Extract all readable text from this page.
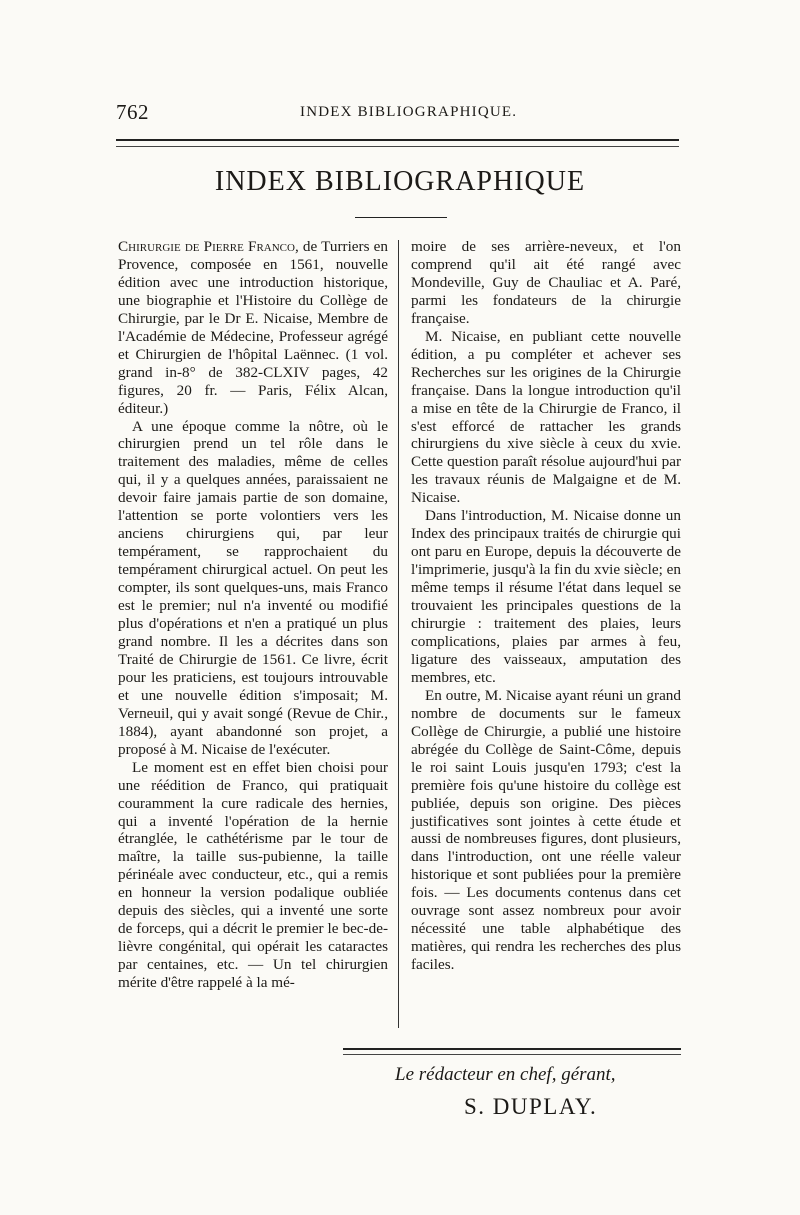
762	INDEX BIBLIOGRAPHIQUE.
INDEX BIBLIOGRAPHIQUE

Chirurgie de Pierre Franco, de Turriers en Provence, composée en 1561, nouvelle édition avec une introduction historique, une biographie et l'Histoire du Collège de Chirurgie, par le Dr E. Nicaise, Membre de l'Académie de Médecine, Professeur agrégé et Chirurgien de l'hôpital Laënnec. (1 vol. grand in-8° de 382-CLXIV pages, 42 figures, 20 fr. — Paris, Félix Alcan, éditeur.)

A une époque comme la nôtre, où le chirurgien prend un tel rôle dans le traitement des maladies, même de celles qui, il y a quelques années, paraissaient ne devoir faire jamais partie de son domaine, l'attention se porte volontiers vers les anciens chirurgiens qui, par leur tempérament, se rapprochaient du tempérament chirurgical actuel. On peut les compter, ils sont quelques-uns, mais Franco est le premier; nul n'a inventé ou modifié plus d'opérations et n'en a pratiqué un plus grand nombre. Il les a décrites dans son Traité de Chirurgie de 1561. Ce livre, écrit pour les praticiens, est toujours introuvable et une nouvelle édition s'imposait; M. Verneuil, qui y avait songé (Revue de Chir., 1884), ayant abandonné son projet, a proposé à M. Nicaise de l'exécuter.

Le moment est en effet bien choisi pour une réédition de Franco, qui pratiquait couramment la cure radicale des hernies, qui a inventé l'opération de la hernie étranglée, le cathétérisme par le tour de maître, la taille sus-pubienne, la taille périnéale avec conducteur, etc., qui a remis en honneur la version podalique oubliée depuis des siècles, qui a inventé une sorte de forceps, qui a décrit le premier le bec-de-lièvre congénital, qui opérait les cataractes par centaines, etc. — Un tel chirurgien mérite d'être rappelé à la mé-

moire de ses arrière-neveux, et l'on comprend qu'il ait été rangé avec Mondeville, Guy de Chauliac et A. Paré, parmi les fondateurs de la chirurgie française.

M. Nicaise, en publiant cette nouvelle édition, a pu compléter et achever ses Recherches sur les origines de la Chirurgie française. Dans la longue introduction qu'il a mise en tête de la Chirurgie de Franco, il s'est efforcé de rattacher les grands chirurgiens du xive siècle à ceux du xvie. Cette question paraît résolue aujourd'hui par les travaux réunis de Malgaigne et de M. Nicaise.

Dans l'introduction, M. Nicaise donne un Index des principaux traités de chirurgie qui ont paru en Europe, depuis la découverte de l'imprimerie, jusqu'à la fin du xvie siècle; en même temps il résume l'état dans lequel se trouvaient les principales questions de la chirurgie : traitement des plaies, leurs complications, plaies par armes à feu, ligature des vaisseaux, amputation des membres, etc.

En outre, M. Nicaise ayant réuni un grand nombre de documents sur le fameux Collège de Chirurgie, a publié une histoire abrégée du Collège de Saint-Côme, depuis le roi saint Louis jusqu'en 1793; c'est la première fois qu'une histoire du collège est publiée, depuis son origine. Des pièces justificatives sont jointes à cette étude et aussi de nombreuses figures, dont plusieurs, dans l'introduction, ont une réelle valeur historique et sont publiées pour la première fois. — Les documents contenus dans cet ouvrage sont assez nombreux pour avoir nécessité une table alphabétique des matières, qui rendra les recherches des plus faciles.

Le rédacteur en chef, gérant,
S. DUPLAY.
